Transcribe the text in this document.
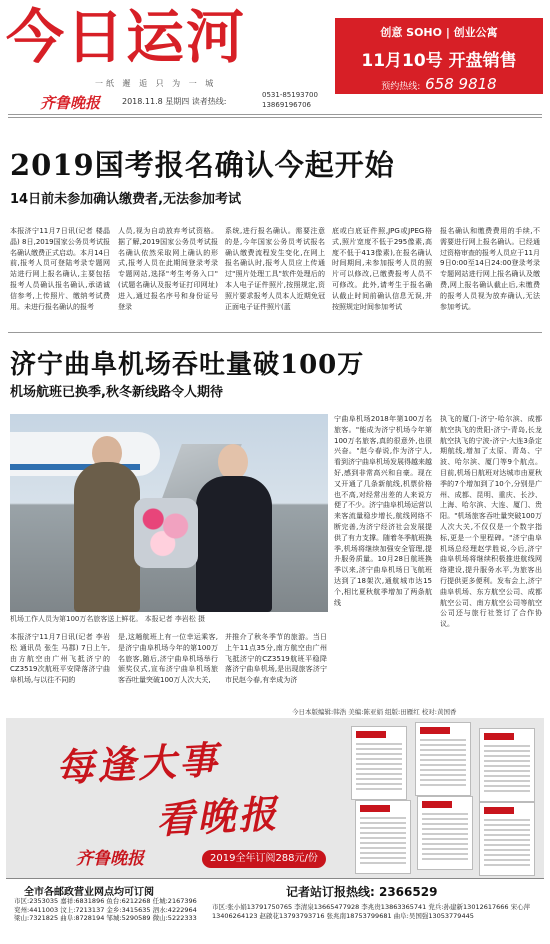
今日运河
一纸 邂 逅 只 为 一 城
齐鲁晚报	2018.11.8 星期四 读者热线:
0531-85193700
13869196706
创意 SOHO | 创业公寓
11月10号 开盘销售
预约热线: 658 9818
2019国考报名确认今起开始
14日前未参加确认缴费者,无法参加考试
本报济宁11月7日讯(记者 楼晶晶) 8日,2019国家公务员考试报名确认缴费正式启动。本月14日前,报考人员可登陆考录专题网站进行网上报名确认,主要包括报考人员确认报名确认,承诺诚信参考,上传照片、缴纳考试费用。未进行报名确认的报考
人员,视为自动放弃考试资格。据了解,2019国家公务员考试报名确认依然采取网上确认的形式,报考人员在此期间登录考录专题网站,选择"考生考务入口"(试题名确认及报考证打印网址)进入,通过报名序号和身份证号登录
系统,进行报名确认。需要注意的是,今年国家公务员考试报名确认缴费流程发生变化,在网上报名确认时,报考人员应上传通过"照片处理工具"软件处理后的本人电子证件照片,按照规定,资照片要求报考人员本人近期免冠正面电子证件照片(蓝
底或白底证件照,JPG或JPEG格式,照片宽度不低于295像素,高度不低于413像素),在报名确认时间期间,未参加报考人员的照片可以修改,已缴费报考人员不可修改。此外,请考生于报名确认截止时间前确认信息无误,并按照规定时间参加考试
报名确认和缴费费用的手续,不需要进行网上报名确认。已经通过资格审查的报考人员应于11月9日0:00至14日24:00登录考录专题网站进行网上报名确认及缴费,网上报名确认截止后,未缴费的报考人员视为放弃确认,无法参加考试。
济宁曲阜机场吞吐量破100万
机场航班已换季,秋冬新线路令人期待
机场工作人员为第100万名旅客送上鲜花。 本报记者 李岩松 摄
本报济宁11月7日讯(记者 李岩松 通讯员 张生 马郡) 7日上午,由方航空由广州飞抵济宁的CZ3519次航班平安降落济宁曲阜机场,与以往不同的
是,这趟航班上有一位幸运乘客,是济宁曲阜机场今年的第100万名旅客,随后,济宁曲阜机场举行颁奖仪式,宣布济宁曲阜机场旅客吞吐量突破100万人次大关,
并推介了秋冬季节的旅游。当日上午11点35分,南方航空由广州飞抵济宁的CZ3519航班平稳降落济宁曲阜机场,是出现旅客济宁市民赵今春,有幸成为济
宁曲阜机场2018年第100万名旅客。"能成为济宁机场今年第100万名旅客,真的很意外,也很兴奋。"赵今春说,作为济宁人,看到济宁曲阜机场发展得越来越好,感到非常高兴和自豪。现在又开通了几条新航线,机票价格也不高,对经常出差的人来说方便了不少。济宁曲阜机场运营以来客流量稳步增长,航线网络不断完善,为济宁经济社会发展提供了有力支撑。随着冬季航班换季,机场将继续加强安全管理,提升服务质量。10月28日航班换季以来,济宁曲阜机场日飞航班达到了18架次,通航城市达15个,相比夏秋航季增加了两条航线
执飞的厦门-济宁-哈尔滨、成都航空执飞的贵阳-济宁-青岛,长龙航空执飞的宁波-济宁-大连3条定期航线,增加了太原、青岛、宁波、哈尔滨、厦门等9个航点。目前,机场日航班对达城市由夏秋季的7个增加到了10个,分别是广州、成都、昆明、重庆、长沙、上海、哈尔滨、大连、厦门、贵阳。"机场旅客吞吐量突破100万人次大关,不仅仅是一个数字指标,更是一个里程碑。"济宁曲阜机场总经理赵学胜说,今后,济宁曲阜机场将继续积极推进航线网络建设,提升服务水平,为旅客出行提供更多便利。发布会上,济宁曲阜机场、东方航空公司、成都航空公司、南方航空公司等航空公司还与旅行社签订了合作协议。
今日本版编辑:韩浩 美编:陈亚娟 组版:田雁红 校对:黄国香
每逢大事
看晚报
齐鲁晚报	2019全年订阅288元/份
全市各邮政营业网点均可订阅
市区:2353035 嘉祥:6831896 鱼台:6212268 任城:2167396 兖州:4411003 汶上:7213137 金乡:3415635 泗水:4222964 梁山:7321825 曲阜:8728194 邹城:5290589 微山:5222333
记者站订报热线: 2366529
市区:张小娟13791750765 李清泉13665477928 李兆贵13863365741 党兵:孙建新13012617666 宋心萍13406264123 赵啟花13793793716 张兆南18753799681 曲阜:吴国强13053779445
